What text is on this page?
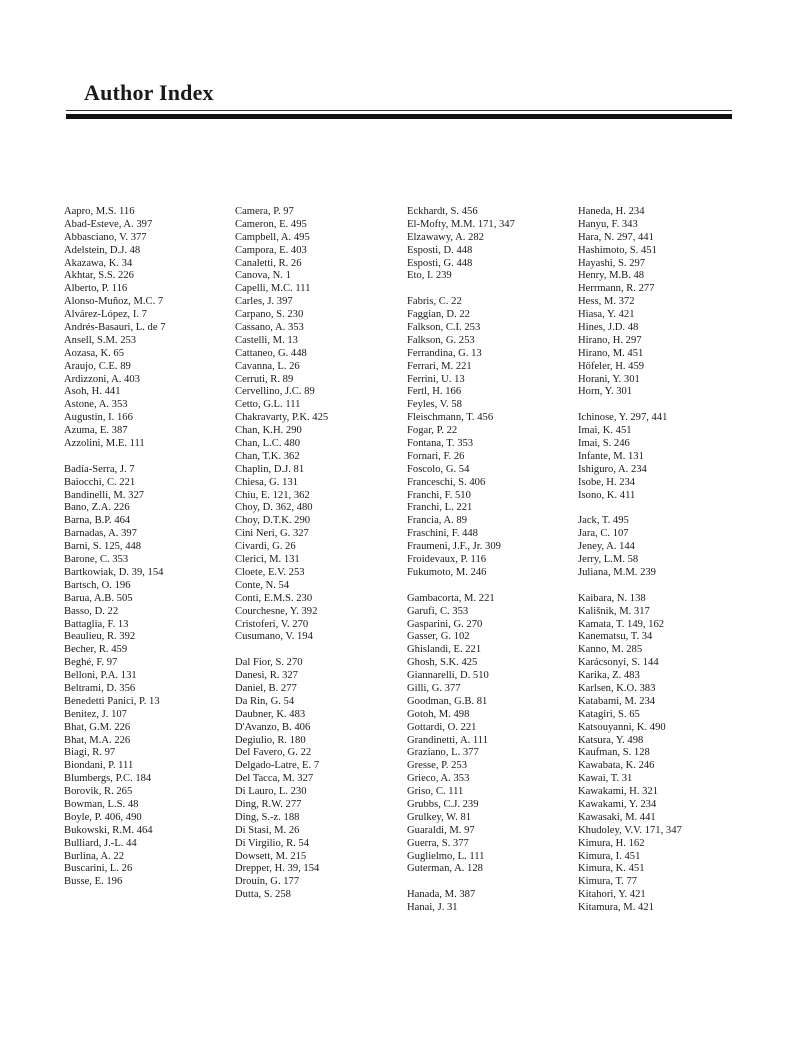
Author Index
Aapro, M.S. 116
Abad-Esteve, A. 397
Abbasciano, V. 377
Adelstein, D.J. 48
Akazawa, K. 34
Akhtar, S.S. 226
Alberto, P. 116
Alonso-Muñoz, M.C. 7
Alvárez-López, I. 7
Andrés-Basauri, L. de 7
Ansell, S.M. 253
Aozasa, K. 65
Araujo, C.E. 89
Ardizzoni, A. 403
Asoh, H. 441
Astone, A. 353
Augustin, I. 166
Azuma, E. 387
Azzolini, M.E. 111
Badía-Serra, J. 7
Baiocchi, C. 221
Bandinelli, M. 327
Bano, Z.A. 226
Barna, B.P. 464
Barnadas, A. 397
Barni, S. 125, 448
Barone, C. 353
Bartkowiak, D. 39, 154
Bartsch, O. 196
Barua, A.B. 505
Basso, D. 22
Battaglia, F. 13
Beaulieu, R. 392
Becher, R. 459
Beghé, F. 97
Belloni, P.A. 131
Beltrami, D. 356
Benedetti Panici, P. 13
Benitez, J. 107
Bhat, G.M. 226
Bhat, M.A. 226
Biagi, R. 97
Biondani, P. 111
Blumbergs, P.C. 184
Borovik, R. 265
Bowman, L.S. 48
Boyle, P. 406, 490
Bukowski, R.M. 464
Bulliard, J.-L. 44
Burlina, A. 22
Buscarini, L. 26
Busse, E. 196
Camera, P. 97
Cameron, E. 495
Campbell, A. 495
Campora, E. 403
Canaletti, R. 26
Canova, N. 1
Capelli, M.C. 111
Carles, J. 397
Carpano, S. 230
Cassano, A. 353
Castelli, M. 13
Cattaneo, G. 448
Cavanna, L. 26
Cerruti, R. 89
Cervellino, J.C. 89
Cetto, G.L. 111
Chakravarty, P.K. 425
Chan, K.H. 290
Chan, L.C. 480
Chan, T.K. 362
Chaplin, D.J. 81
Chiesa, G. 131
Chiu, E. 121, 362
Choy, D. 362, 480
Choy, D.T.K. 290
Cini Neri, G. 327
Civardi, G. 26
Clerici, M. 131
Cloete, E.V. 253
Conte, N. 54
Conti, E.M.S. 230
Courchesne, Y. 392
Cristoferi, V. 270
Cusumano, V. 194
Dal Fior, S. 270
Danesi, R. 327
Daniel, B. 277
Da Rin, G. 54
Daubner, K. 483
D'Avanzo, B. 406
Degiulio, R. 180
Del Favero, G. 22
Delgado-Latre, E. 7
Del Tacca, M. 327
Di Lauro, L. 230
Ding, R.W. 277
Ding, S.-z. 188
Di Stasi, M. 26
Di Virgilio, R. 54
Dowsett, M. 215
Drepper, H. 39, 154
Drouin, G. 177
Dutta, S. 258
Eckhardt, S. 456
El-Mofty, M.M. 171, 347
Elzawawy, A. 282
Esposti, D. 448
Esposti, G. 448
Eto, I. 239
Fabris, C. 22
Faggian, D. 22
Falkson, C.I. 253
Falkson, G. 253
Ferrandina, G. 13
Ferrari, M. 221
Ferrini, U. 13
Fertl, H. 166
Feyles, V. 58
Fleischmann, T. 456
Fogar, P. 22
Fontana, T. 353
Fornari, F. 26
Foscolo, G. 54
Franceschi, S. 406
Franchi, F. 510
Franchi, L. 221
Francia, A. 89
Fraschini, F. 448
Fraumeni, J.F., Jr. 309
Froidevaux, P. 116
Fukumoto, M. 246
Gambacorta, M. 221
Garufi, C. 353
Gasparini, G. 270
Gasser, G. 102
Ghislandi, E. 221
Ghosh, S.K. 425
Giannarelli, D. 510
Gilli, G. 377
Goodman, G.B. 81
Gotoh, M. 498
Gottardi, O. 221
Grandinetti, A. 111
Graziano, L. 377
Gresse, P. 253
Grieco, A. 353
Griso, C. 111
Grubbs, C.J. 239
Grulkey, W. 81
Guaraldi, M. 97
Guerra, S. 377
Guglielmo, L. 111
Guterman, A. 128
Hanada, M. 387
Hanai, J. 31
Haneda, H. 234
Hanyu, F. 343
Hara, N. 297, 441
Hashimoto, S. 451
Hayashi, S. 297
Henry, M.B. 48
Herrmann, R. 277
Hess, M. 372
Hiasa, Y. 421
Hines, J.D. 48
Hirano, H. 297
Hirano, M. 451
Höfeler, H. 459
Horani, Y. 301
Horn, Y. 301
Ichinose, Y. 297, 441
Imai, K. 451
Imai, S. 246
Infante, M. 131
Ishiguro, A. 234
Isobe, H. 234
Isono, K. 411
Jack, T. 495
Jara, C. 107
Jeney, A. 144
Jerry, L.M. 58
Juliana, M.M. 239
Kaibara, N. 138
Kališnik, M. 317
Kamata, T. 149, 162
Kanematsu, T. 34
Kanno, M. 285
Karácsonyi, S. 144
Karika, Z. 483
Karlsen, K.O. 383
Katabami, M. 234
Katagiri, S. 65
Katsouyanni, K. 490
Katsura, Y. 498
Kaufman, S. 128
Kawabata, K. 246
Kawai, T. 31
Kawakami, H. 321
Kawakami, Y. 234
Kawasaki, M. 441
Khudoley, V.V. 171, 347
Kimura, H. 162
Kimura, I. 451
Kimura, K. 451
Kimura, T. 77
Kitahori, Y. 421
Kitamura, M. 421
